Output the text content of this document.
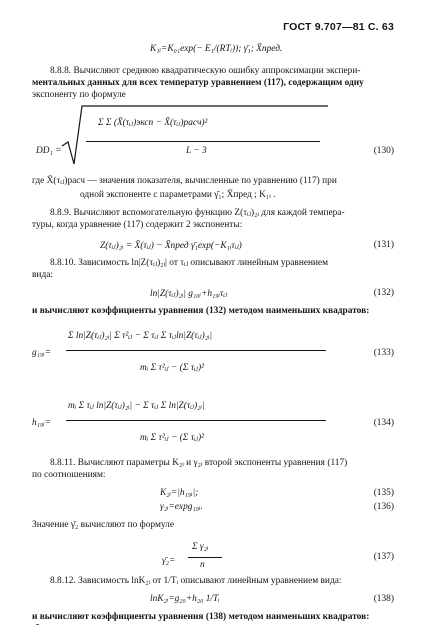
ГОСТ 9.707—81 С. 63
K₁ᵢ=K₀₁exp(− E₁/(RTᵢ)); γ̄₁; X̄пред.
8.8.8. Вычисляют среднюю квадратическую ошибку аппроксимации экспери-
ментальных данных для всех температур уравнением (117), содержащим одну
экспоненту по формуле
DD₁ =
Σ Σ (X̄(τᵢⱼ)эксп − X̄(τᵢⱼ)расч)²
L − 3	(130)
где X̄(τᵢⱼ)расч — значения показателя, вычисленные по уравнению (117) при
одной экспоненте с параметрами γ̄₁; X̄пред ; K₁ᵢ .
8.8.9. Вычисляют вспомогательную функцию Z(τᵢⱼ)₂ᵢ для каждой темпера-
туры, когда уравнение (117) содержит 2 экспоненты:
Z(τᵢⱼ)₂ᵢ = X̄(τᵢⱼ) − X̄пред γ̄₁exp(−K₁ᵢτᵢⱼ)	(131)
8.8.10. Зависимость ln|Z(τᵢⱼ)₂ᵢ| от τᵢⱼ описывают линейным уравнением
вида:
ln|Z(τᵢⱼ)₂ᵢ| g₁₀ᵢ+h₁₉ᵢτᵢⱼ	(132)
и вычисляют коэффициенты уравнения (132) методом наименьших квадратов:
g₁₉ᵢ=
Σ ln|Z(τᵢⱼ)₂ᵢ| Σ τ²ᵢⱼ − Σ τᵢⱼ Σ τᵢⱼln|Z(τᵢⱼ)₂ᵢ|
mᵢ Σ τ²ᵢⱼ − (Σ τᵢⱼ)²
(133)
h₁₉ᵢ=
mᵢ Σ τᵢⱼ ln|Z(τᵢⱼ)₂ᵢ| − Σ τᵢⱼ Σ ln|Z(τᵢⱼ)₂ᵢ|
mᵢ Σ τ²ᵢⱼ − (Σ τᵢⱼ)²
(134)
8.8.11. Вычисляют параметры K₂ᵢ и γ₂ᵢ второй экспоненты уравнения (117)
по соотношениям:
K₂ᵢ=|h₁₉ᵢ|;	(135)
γ₂ᵢ=expg₁₉ᵢ.	(136)
Значение γ̄₂ вычисляют по формуле
γ̄₂=
Σ γ₂ᵢ
n
(137)
8.8.12. Зависимость lnK₂ᵢ от 1/Tᵢ описывают линейным уравнением вида:
lnK₂ᵢ=g₂₀+h₂₀ 1/Tᵢ	(138)
и вычисляют коэффициенты уравнения (138) методом наименьших квадратов:
